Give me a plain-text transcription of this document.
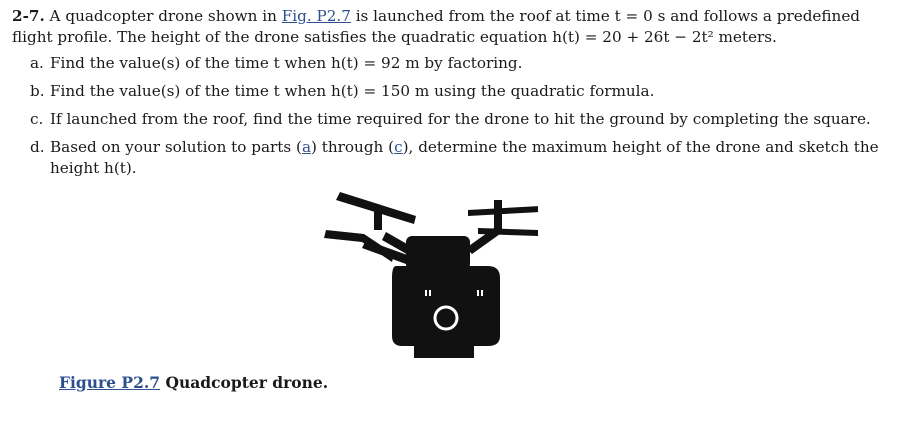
2-7. A quadcopter drone shown in Fig. P2.7 is launched from the roof at time t = 0 s and follows a predefined flight profile. The height of the drone satisfies the quadratic equation h(t) = 20 + 26t − 2t² meters.

a. Find the value(s) of the time t when h(t) = 92 m by factoring.
b. Find the value(s) of the time t when h(t) = 150 m using the quadratic formula.
c. If launched from the roof, find the time required for the drone to hit the ground by completing the square.
d. Based on your solution to parts (a) through (c), determine the maximum height of the drone and sketch the height h(t).
Figure P2.7 Quadcopter drone.
